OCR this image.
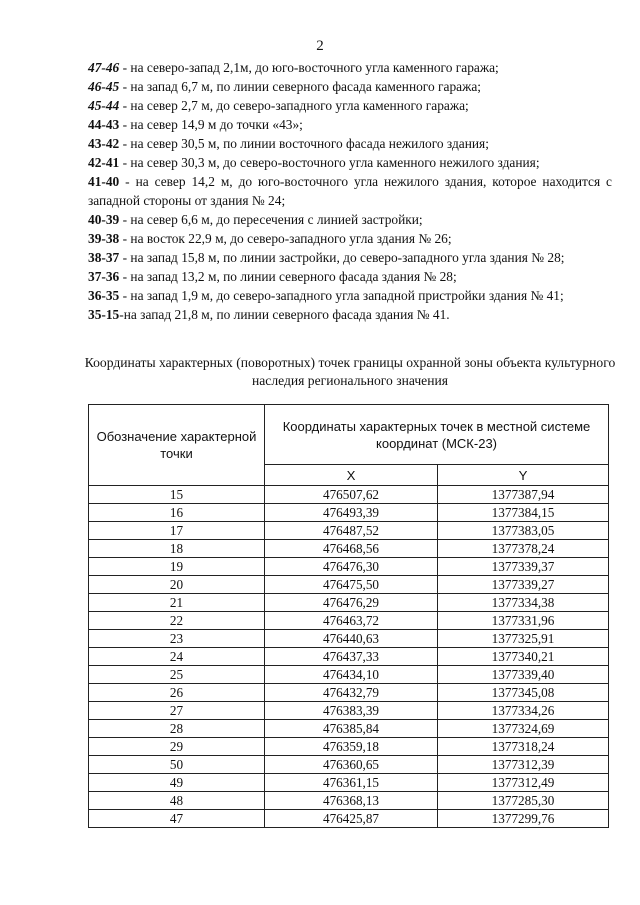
2

47-46 - на северо-запад 2,1м, до юго-восточного угла каменного гаража;

46-45 - на запад 6,7 м, по линии северного фасада каменного гаража;

45-44 - на север 2,7 м, до северо-западного угла каменного гаража;

44-43 - на север 14,9 м до точки «43»;

43-42 - на север 30,5 м, по линии восточного фасада нежилого здания;

42-41 - на север 30,3 м, до северо-восточного угла каменного нежилого здания;

41-40 - на север 14,2 м, до юго-восточного угла нежилого здания, которое находится с западной стороны от здания № 24;

40-39 - на север 6,6 м, до пересечения с линией застройки;

39-38 - на восток 22,9 м, до северо-западного угла здания № 26;

38-37 - на запад 15,8 м, по линии застройки, до северо-западного угла здания № 28;

37-36 - на запад 13,2 м, по линии северного фасада здания № 28;

36-35 - на запад 1,9 м, до северо-западного угла западной пристройки здания № 41;

35-15-на запад 21,8 м, по линии северного фасада здания № 41.

Координаты характерных (поворотных) точек границы охранной зоны объекта культурного наследия регионального значения
Обозначение характерной точки	Координаты характерных точек в местной системе координат (МСК-23)	
	X	Y
15	476507,62	1377387,94
16	476493,39	1377384,15
17	476487,52	1377383,05
18	476468,56	1377378,24
19	476476,30	1377339,37
20	476475,50	1377339,27
21	476476,29	1377334,38
22	476463,72	1377331,96
23	476440,63	1377325,91
24	476437,33	1377340,21
25	476434,10	1377339,40
26	476432,79	1377345,08
27	476383,39	1377334,26
28	476385,84	1377324,69
29	476359,18	1377318,24
50	476360,65	1377312,39
49	476361,15	1377312,49
48	476368,13	1377285,30
47	476425,87	1377299,76
